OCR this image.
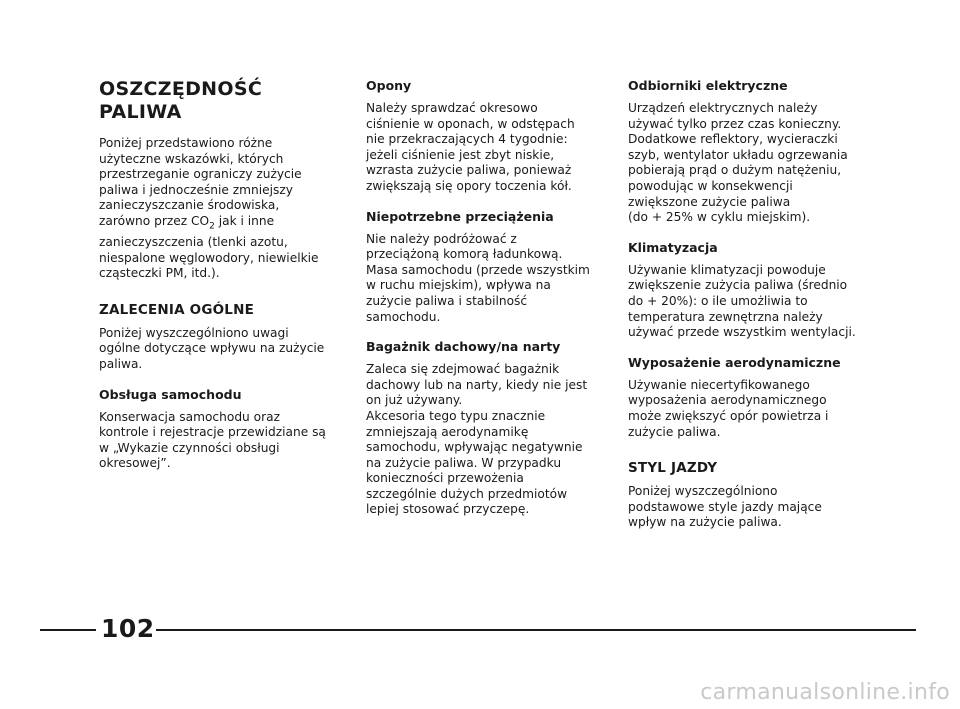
OSZCZĘDNOŚĆ
PALIWA
Poniżej przedstawiono różne
użyteczne wskazówki, których
przestrzeganie ograniczy zużycie
paliwa i jednocześnie zmniejszy
zanieczyszczanie środowiska,
zarówno przez $CO_2$ jak i inne
zanieczyszczenia (tlenki azotu,
niespalone węglowodory, niewielkie
cząsteczki PM, itd.).
ZALECENIA OGÓLNE
Poniżej wyszczególniono uwagi
ogólne dotyczące wpływu na zużycie
paliwa.
Obsługa samochodu
Konserwacja samochodu oraz
kontrole i rejestracje przewidziane są
w „Wykazie czynności obsługi
okresowej”.
Opony
Należy sprawdzać okresowo
ciśnienie w oponach, w odstępach
nie przekraczających 4 tygodnie:
jeżeli ciśnienie jest zbyt niskie,
wzrasta zużycie paliwa, ponieważ
zwiększają się opory toczenia kół.
Niepotrzebne przeciążenia
Nie należy podróżować z
przeciążoną komorą ładunkową.
Masa samochodu (przede wszystkim
w ruchu miejskim), wpływa na
zużycie paliwa i stabilność
samochodu.
Bagażnik dachowy/na narty
Zaleca się zdejmować bagażnik
dachowy lub na narty, kiedy nie jest
on już używany.
Akcesoria tego typu znacznie
zmniejszają aerodynamikę
samochodu, wpływając negatywnie
na zużycie paliwa. W przypadku
konieczności przewożenia
szczególnie dużych przedmiotów
lepiej stosować przyczepę.
Odbiorniki elektryczne
Urządzeń elektrycznych należy
używać tylko przez czas konieczny.
Dodatkowe reflektory, wycieraczki
szyb, wentylator układu ogrzewania
pobierają prąd o dużym natężeniu,
powodując w konsekwencji
zwiększone zużycie paliwa
(do + 25% w cyklu miejskim).
Klimatyzacja
Używanie klimatyzacji powoduje
zwiększenie zużycia paliwa (średnio
do + 20%): o ile umożliwia to
temperatura zewnętrzna należy
używać przede wszystkim wentylacji.
Wyposażenie aerodynamiczne
Używanie niecertyfikowanego
wyposażenia aerodynamicznego
może zwiększyć opór powietrza i
zużycie paliwa.
STYL JAZDY
Poniżej wyszczególniono
podstawowe style jazdy mające
wpływ na zużycie paliwa.
102
carmanualsonline.info
